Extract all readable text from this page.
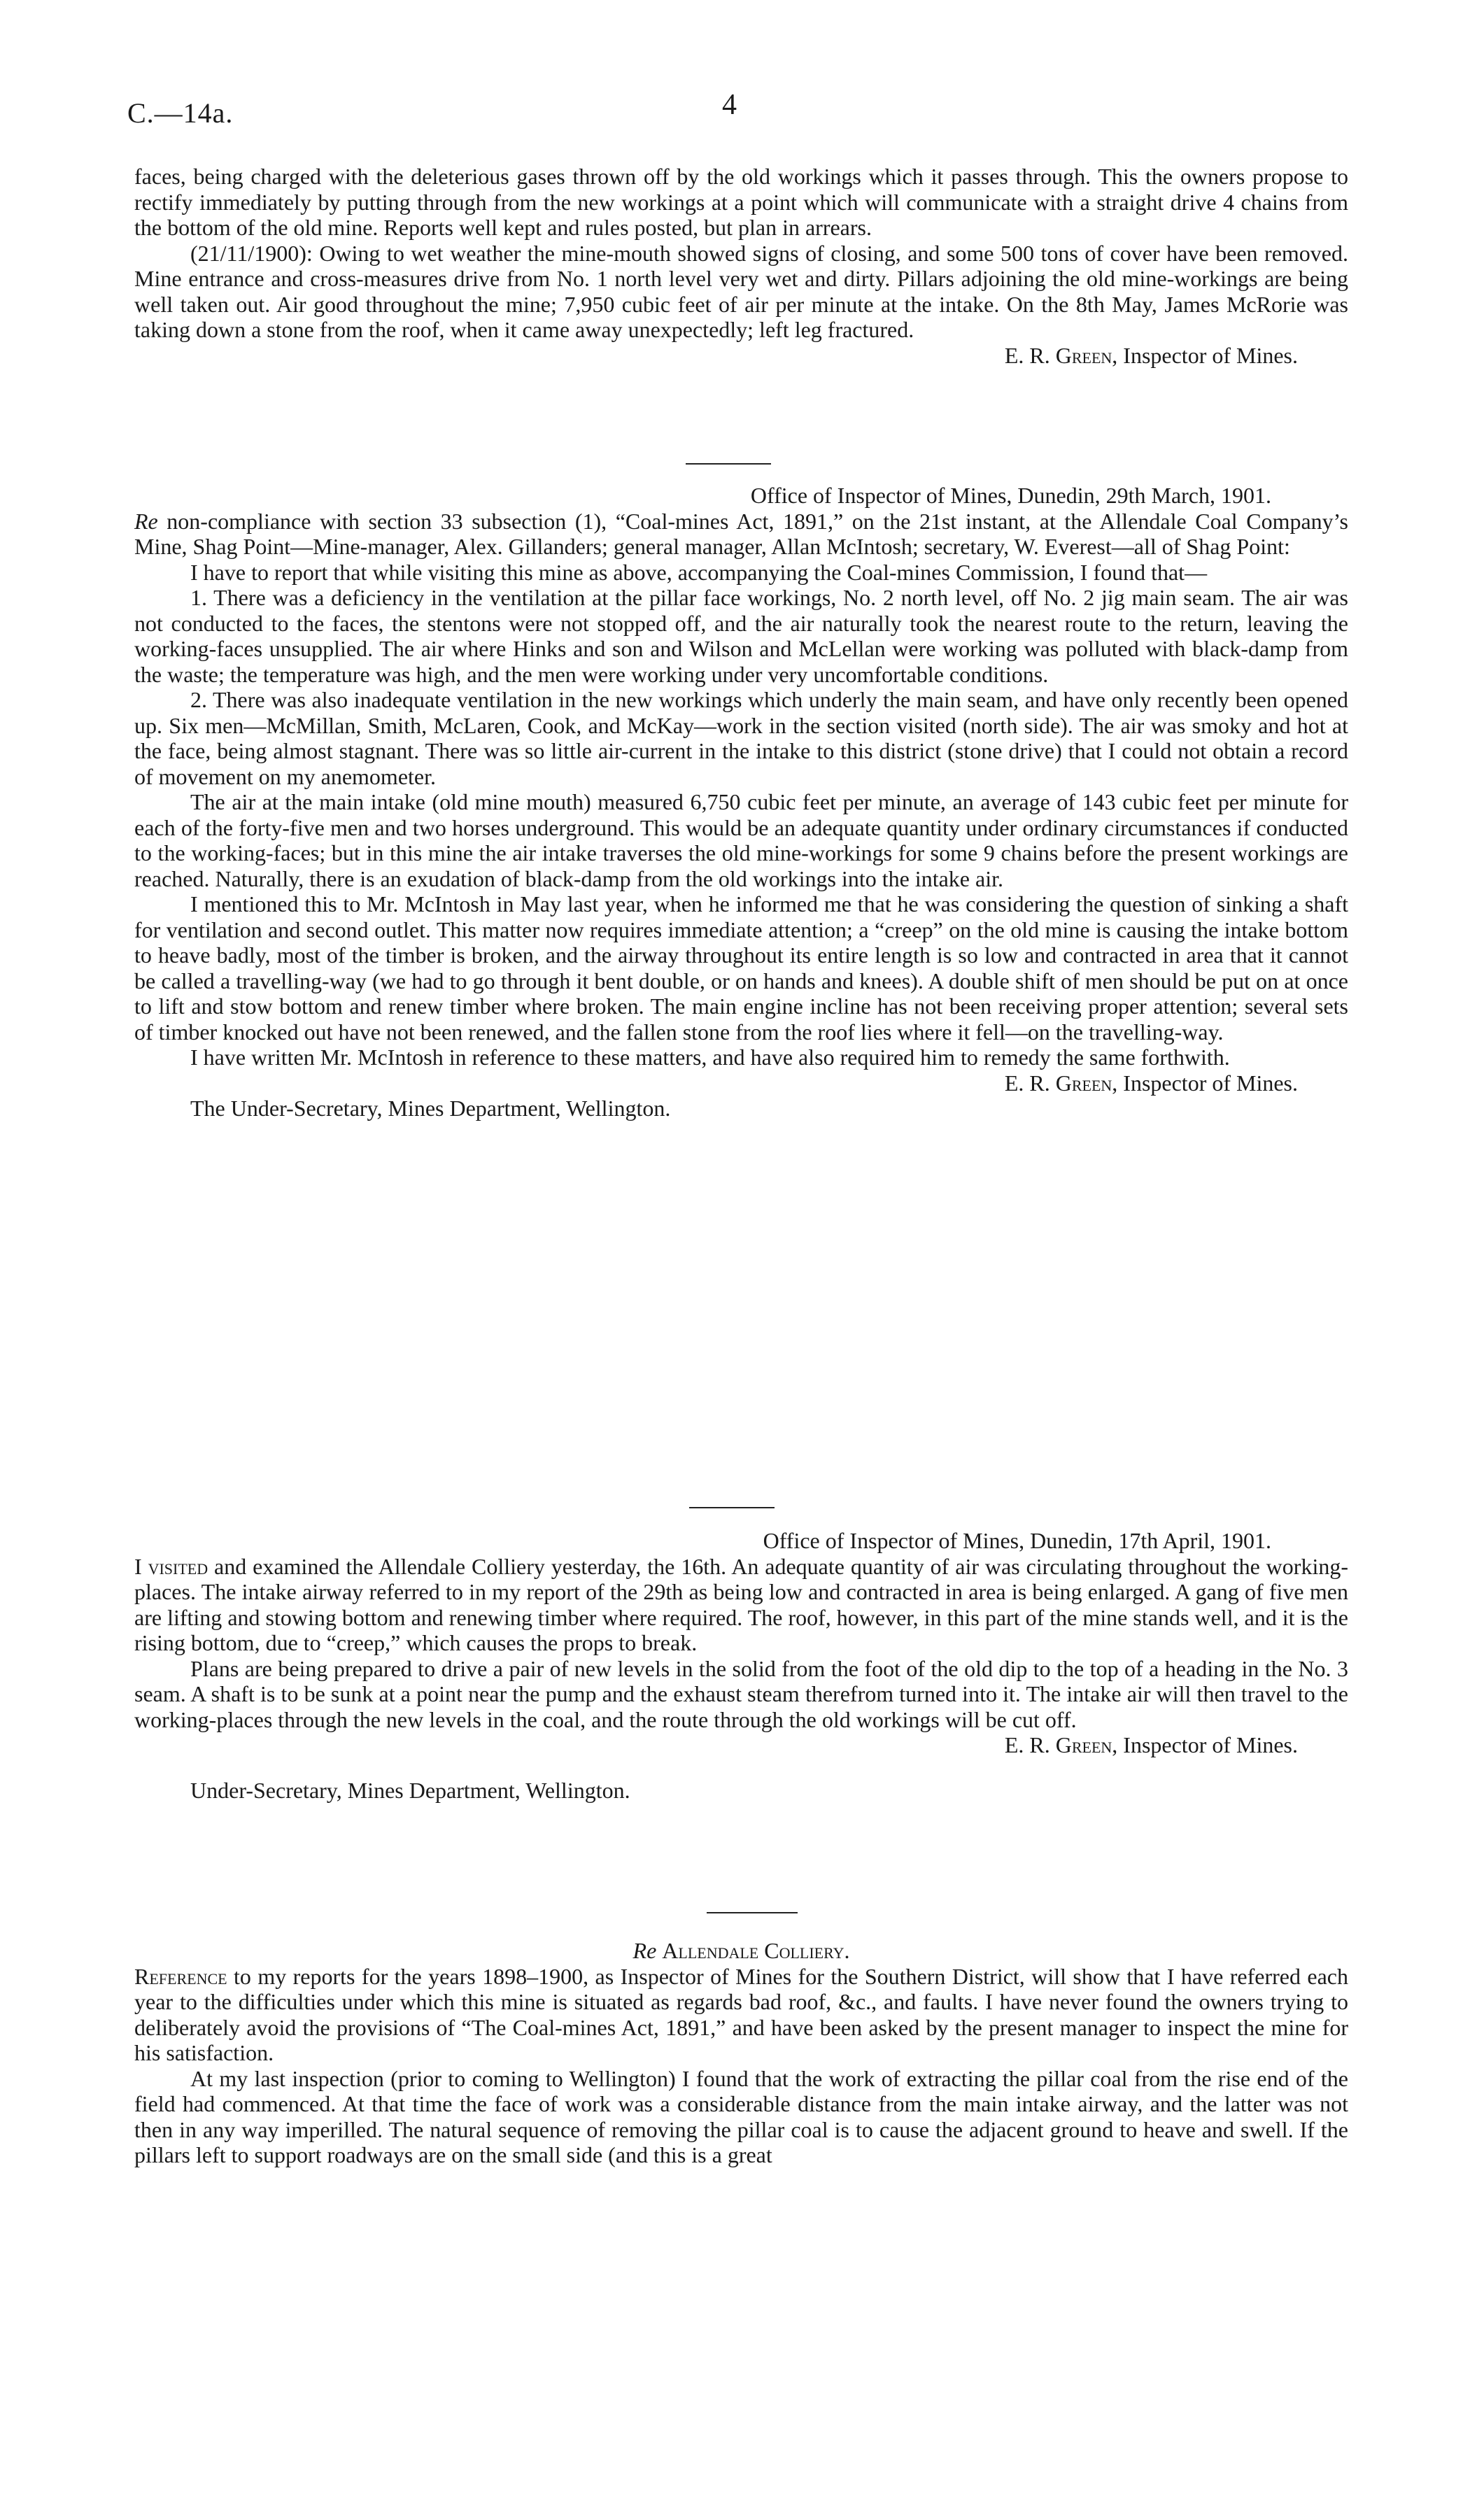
C.—14a.	4

faces, being charged with the deleterious gases thrown off by the old workings which it passes through. This the owners propose to rectify immediately by putting through from the new workings at a point which will communicate with a straight drive 4 chains from the bottom of the old mine. Reports well kept and rules posted, but plan in arrears.

(21/11/1900): Owing to wet weather the mine-mouth showed signs of closing, and some 500 tons of cover have been removed. Mine entrance and cross-measures drive from No. 1 north level very wet and dirty. Pillars adjoining the old mine-workings are being well taken out. Air good throughout the mine; 7,950 cubic feet of air per minute at the intake. On the 8th May, James McRorie was taking down a stone from the roof, when it came away unexpectedly; left leg fractured.

E. R. Green, Inspector of Mines.

Office of Inspector of Mines, Dunedin, 29th March, 1901.

Re non-compliance with section 33 subsection (1), “Coal-mines Act, 1891,” on the 21st instant, at the Allendale Coal Company’s Mine, Shag Point—Mine-manager, Alex. Gillanders; general manager, Allan McIntosh; secretary, W. Everest—all of Shag Point:

I have to report that while visiting this mine as above, accompanying the Coal-mines Commission, I found that—

1. There was a deficiency in the ventilation at the pillar face workings, No. 2 north level, off No. 2 jig main seam. The air was not conducted to the faces, the stentons were not stopped off, and the air naturally took the nearest route to the return, leaving the working-faces unsupplied. The air where Hinks and son and Wilson and McLellan were working was polluted with black-damp from the waste; the temperature was high, and the men were working under very uncomfortable conditions.

2. There was also inadequate ventilation in the new workings which underly the main seam, and have only recently been opened up. Six men—McMillan, Smith, McLaren, Cook, and McKay—work in the section visited (north side). The air was smoky and hot at the face, being almost stagnant. There was so little air-current in the intake to this district (stone drive) that I could not obtain a record of movement on my anemometer.

The air at the main intake (old mine mouth) measured 6,750 cubic feet per minute, an average of 143 cubic feet per minute for each of the forty-five men and two horses underground. This would be an adequate quantity under ordinary circumstances if conducted to the working-faces; but in this mine the air intake traverses the old mine-workings for some 9 chains before the present workings are reached. Naturally, there is an exudation of black-damp from the old workings into the intake air.

I mentioned this to Mr. McIntosh in May last year, when he informed me that he was considering the question of sinking a shaft for ventilation and second outlet. This matter now requires immediate attention; a “creep” on the old mine is causing the intake bottom to heave badly, most of the timber is broken, and the airway throughout its entire length is so low and contracted in area that it cannot be called a travelling-way (we had to go through it bent double, or on hands and knees). A double shift of men should be put on at once to lift and stow bottom and renew timber where broken. The main engine incline has not been receiving proper attention; several sets of timber knocked out have not been renewed, and the fallen stone from the roof lies where it fell—on the travelling-way.

I have written Mr. McIntosh in reference to these matters, and have also required him to remedy the same forthwith.

E. R. Green, Inspector of Mines.

The Under-Secretary, Mines Department, Wellington.

Office of Inspector of Mines, Dunedin, 17th April, 1901.

I visited and examined the Allendale Colliery yesterday, the 16th. An adequate quantity of air was circulating throughout the working-places. The intake airway referred to in my report of the 29th as being low and contracted in area is being enlarged. A gang of five men are lifting and stowing bottom and renewing timber where required. The roof, however, in this part of the mine stands well, and it is the rising bottom, due to “creep,” which causes the props to break.

Plans are being prepared to drive a pair of new levels in the solid from the foot of the old dip to the top of a heading in the No. 3 seam. A shaft is to be sunk at a point near the pump and the exhaust steam therefrom turned into it. The intake air will then travel to the working-places through the new levels in the coal, and the route through the old workings will be cut off.

E. R. Green, Inspector of Mines.

Under-Secretary, Mines Department, Wellington.

Re Allendale Colliery.

Reference to my reports for the years 1898–1900, as Inspector of Mines for the Southern District, will show that I have referred each year to the difficulties under which this mine is situated as regards bad roof, &c., and faults. I have never found the owners trying to deliberately avoid the provisions of “The Coal-mines Act, 1891,” and have been asked by the present manager to inspect the mine for his satisfaction.

At my last inspection (prior to coming to Wellington) I found that the work of extracting the pillar coal from the rise end of the field had commenced. At that time the face of work was a considerable distance from the main intake airway, and the latter was not then in any way imperilled. The natural sequence of removing the pillar coal is to cause the adjacent ground to heave and swell. If the pillars left to support roadways are on the small side (and this is a great
